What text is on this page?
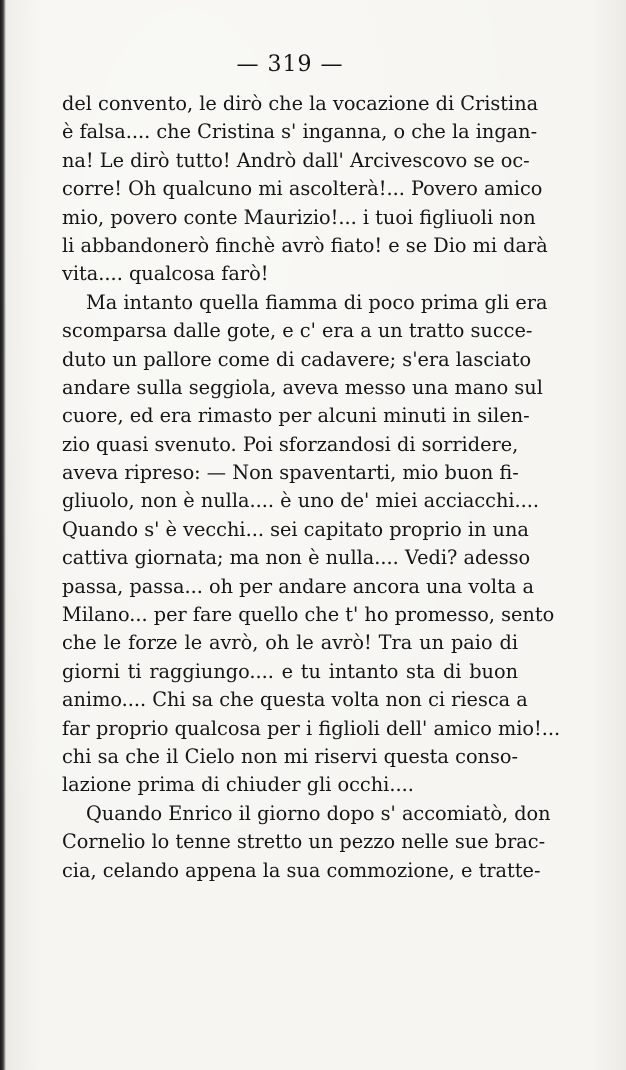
— 319 —
del convento, le dirò che la vocazione di Cristina
è falsa.... che Cristina s' inganna, o che la ingan-
na! Le dirò tutto! Andrò dall' Arcivescovo se oc-
corre! Oh qualcuno mi ascolterà!... Povero amico
mio, povero conte Maurizio!... i tuoi figliuoli non
li abbandonerò finchè avrò fiato! e se Dio mi darà
vita.... qualcosa farò!
Ma intanto quella fiamma di poco prima gli era
scomparsa dalle gote, e c' era a un tratto succe-
duto un pallore come di cadavere; s'era lasciato
andare sulla seggiola, aveva messo una mano sul
cuore, ed era rimasto per alcuni minuti in silen-
zio quasi svenuto. Poi sforzandosi di sorridere,
aveva ripreso: — Non spaventarti, mio buon fi-
gliuolo, non è nulla.... è uno de' miei acciacchi....
Quando s' è vecchi... sei capitato proprio in una
cattiva giornata; ma non è nulla.... Vedi? adesso
passa, passa... oh per andare ancora una volta a
Milano... per fare quello che t' ho promesso, sento
che le forze le avrò, oh le avrò! Tra un paio di
giorni ti raggiungo.... e tu intanto sta di buon
animo.... Chi sa che questa volta non ci riesca a
far proprio qualcosa per i figlioli dell' amico mio!...
chi sa che il Cielo non mi riservi questa conso-
lazione prima di chiuder gli occhi....
Quando Enrico il giorno dopo s' accomiatò, don
Cornelio lo tenne stretto un pezzo nelle sue brac-
cia, celando appena la sua commozione, e tratte-
